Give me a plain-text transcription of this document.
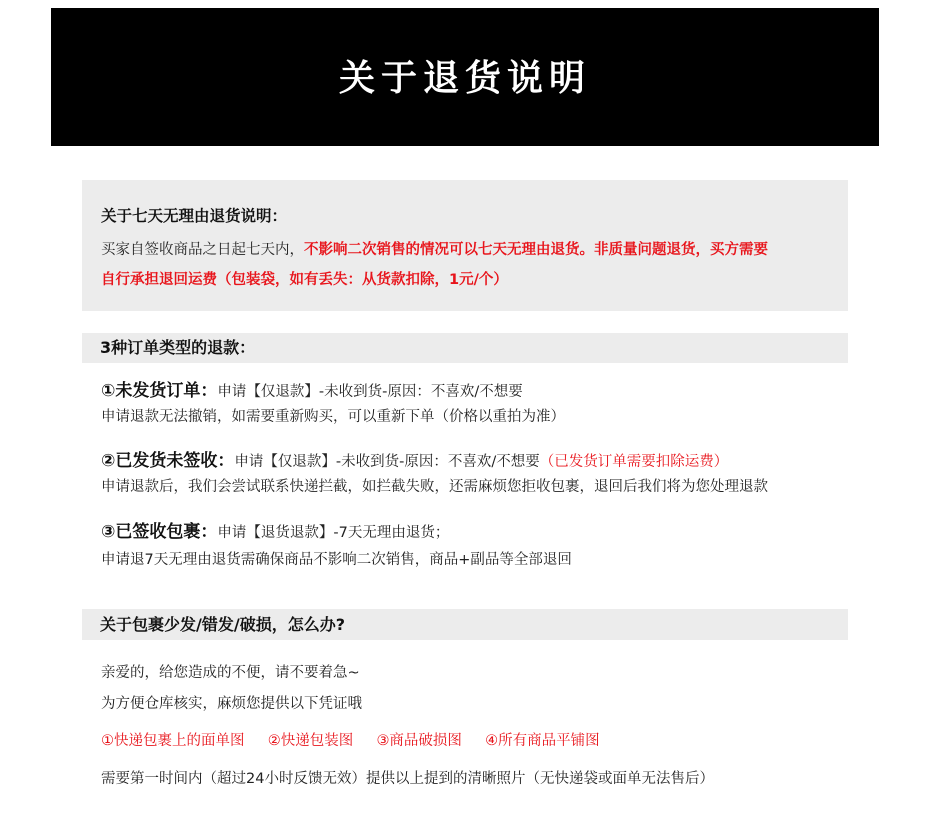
关于退货说明
关于七天无理由退货说明：
买家自签收商品之日起七天内，不影响二次销售的情况可以七天无理由退货。非质量问题退货，买方需要
自行承担退回运费（包装袋，如有丢失：从货款扣除，1元/个）
3种订单类型的退款：
①未发货订单：申请【仅退款】-未收到货-原因：不喜欢/不想要
申请退款无法撤销，如需要重新购买，可以重新下单（价格以重拍为准）
②已发货未签收：申请【仅退款】-未收到货-原因：不喜欢/不想要（已发货订单需要扣除运费）
申请退款后，我们会尝试联系快递拦截，如拦截失败，还需麻烦您拒收包裹，退回后我们将为您处理退款
③已签收包裹：申请【退货退款】-7天无理由退货；
申请退7天无理由退货需确保商品不影响二次销售，商品+副品等全部退回
关于包裹少发/错发/破损，怎么办?
亲爱的，给您造成的不便，请不要着急~
为方便仓库核实，麻烦您提供以下凭证哦
①快递包裹上的面单图 ②快递包装图 ③商品破损图 ④所有商品平铺图
需要第一时间内（超过24小时反馈无效）提供以上提到的清晰照片（无快递袋或面单无法售后）
